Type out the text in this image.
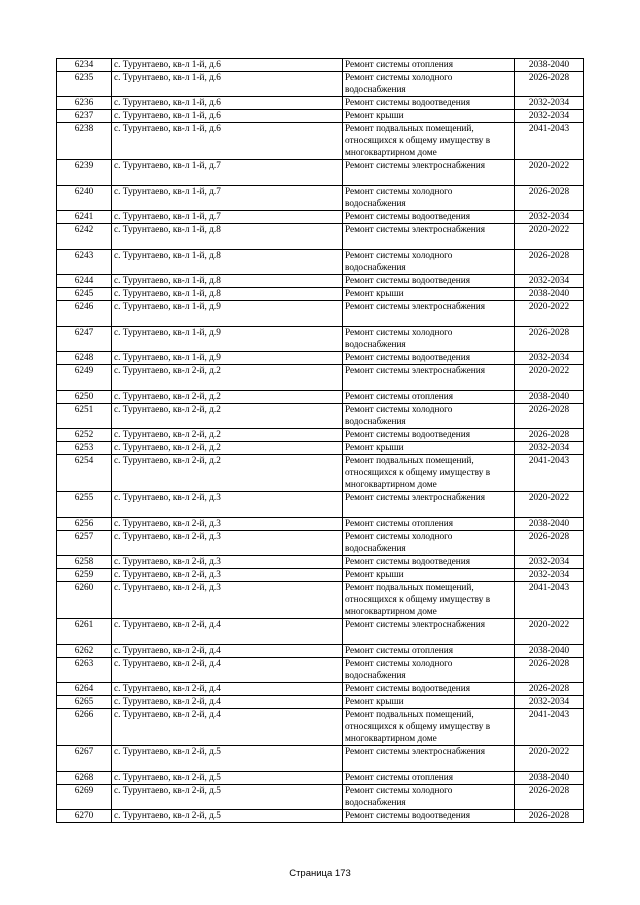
6234	с. Турунтаево, кв-л 1-й, д.6	Ремонт системы отопления	2038-2040
6235	с. Турунтаево, кв-л 1-й, д.6	Ремонт системы холодного водоснабжения	2026-2028
6236	с. Турунтаево, кв-л 1-й, д.6	Ремонт системы водоотведения	2032-2034
6237	с. Турунтаево, кв-л 1-й, д.6	Ремонт крыши	2032-2034
6238	с. Турунтаево, кв-л 1-й, д.6	Ремонт подвальных помещений, относящихся к общему имуществу в многоквартирном доме	2041-2043
6239	с. Турунтаево, кв-л 1-й, д.7	Ремонт системы электроснабжения	2020-2022
6240	с. Турунтаево, кв-л 1-й, д.7	Ремонт системы холодного водоснабжения	2026-2028
6241	с. Турунтаево, кв-л 1-й, д.7	Ремонт системы водоотведения	2032-2034
6242	с. Турунтаево, кв-л 1-й, д.8	Ремонт системы электроснабжения	2020-2022
6243	с. Турунтаево, кв-л 1-й, д.8	Ремонт системы холодного водоснабжения	2026-2028
6244	с. Турунтаево, кв-л 1-й, д.8	Ремонт системы водоотведения	2032-2034
6245	с. Турунтаево, кв-л 1-й, д.8	Ремонт крыши	2038-2040
6246	с. Турунтаево, кв-л 1-й, д.9	Ремонт системы электроснабжения	2020-2022
6247	с. Турунтаево, кв-л 1-й, д.9	Ремонт системы холодного водоснабжения	2026-2028
6248	с. Турунтаево, кв-л 1-й, д.9	Ремонт системы водоотведения	2032-2034
6249	с. Турунтаево, кв-л 2-й, д.2	Ремонт системы электроснабжения	2020-2022
6250	с. Турунтаево, кв-л 2-й, д.2	Ремонт системы отопления	2038-2040
6251	с. Турунтаево, кв-л 2-й, д.2	Ремонт системы холодного водоснабжения	2026-2028
6252	с. Турунтаево, кв-л 2-й, д.2	Ремонт системы водоотведения	2026-2028
6253	с. Турунтаево, кв-л 2-й, д.2	Ремонт крыши	2032-2034
6254	с. Турунтаево, кв-л 2-й, д.2	Ремонт подвальных помещений, относящихся к общему имуществу в многоквартирном доме	2041-2043
6255	с. Турунтаево, кв-л 2-й, д.3	Ремонт системы электроснабжения	2020-2022
6256	с. Турунтаево, кв-л 2-й, д.3	Ремонт системы отопления	2038-2040
6257	с. Турунтаево, кв-л 2-й, д.3	Ремонт системы холодного водоснабжения	2026-2028
6258	с. Турунтаево, кв-л 2-й, д.3	Ремонт системы водоотведения	2032-2034
6259	с. Турунтаево, кв-л 2-й, д.3	Ремонт крыши	2032-2034
6260	с. Турунтаево, кв-л 2-й, д.3	Ремонт подвальных помещений, относящихся к общему имуществу в многоквартирном доме	2041-2043
6261	с. Турунтаево, кв-л 2-й, д.4	Ремонт системы электроснабжения	2020-2022
6262	с. Турунтаево, кв-л 2-й, д.4	Ремонт системы отопления	2038-2040
6263	с. Турунтаево, кв-л 2-й, д.4	Ремонт системы холодного водоснабжения	2026-2028
6264	с. Турунтаево, кв-л 2-й, д.4	Ремонт системы водоотведения	2026-2028
6265	с. Турунтаево, кв-л 2-й, д.4	Ремонт крыши	2032-2034
6266	с. Турунтаево, кв-л 2-й, д.4	Ремонт подвальных помещений, относящихся к общему имуществу в многоквартирном доме	2041-2043
6267	с. Турунтаево, кв-л 2-й, д.5	Ремонт системы электроснабжения	2020-2022
6268	с. Турунтаево, кв-л 2-й, д.5	Ремонт системы отопления	2038-2040
6269	с. Турунтаево, кв-л 2-й, д.5	Ремонт системы холодного водоснабжения	2026-2028
6270	с. Турунтаево, кв-л 2-й, д.5	Ремонт системы водоотведения	2026-2028
Страница 173
